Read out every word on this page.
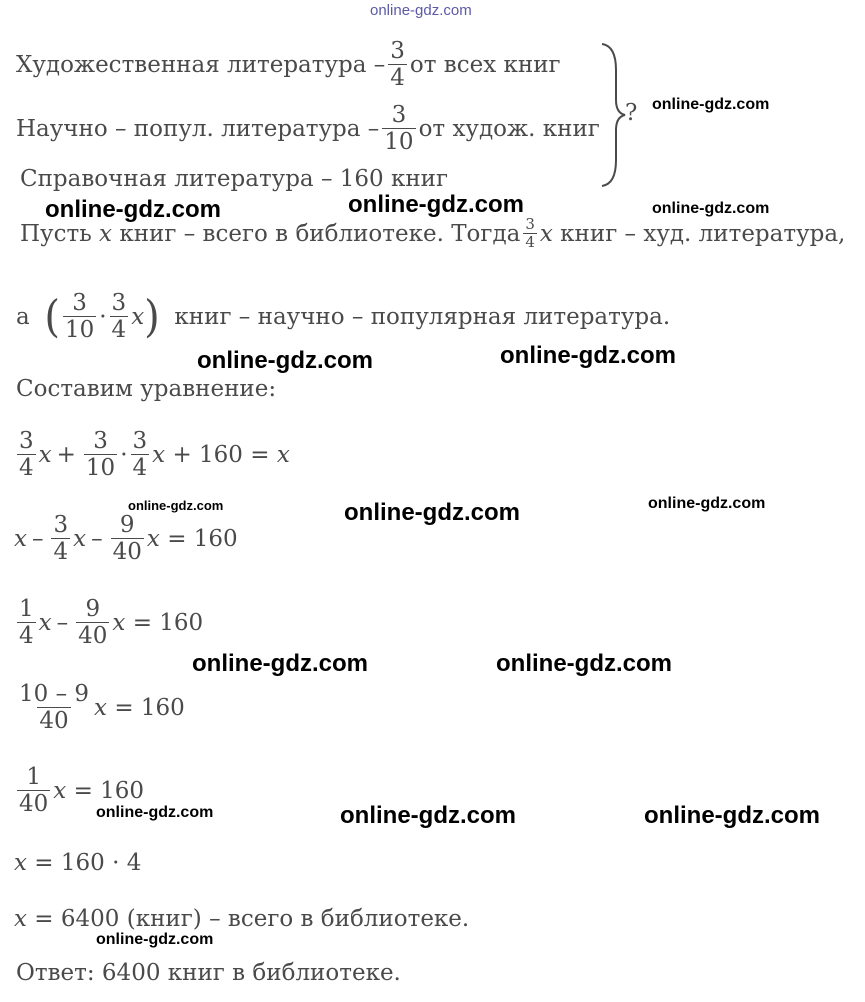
online-gdz.com
Художественная литература – $\frac{3}{4}$ от всех книг
Научно – попул. литература – $\frac{3}{10}$ от худож. книг
Справочная литература – 160 книг
?
Пусть
x
книг – всего в библиотеке. Тогда $\frac{3}{4}$ x
книг – худ. литература,
а
( $\frac{3}{10} \cdot \frac{3}{4}$ x )
книг – научно – популярная литература.
Составим уравнение:
$\frac{3}{4}$ $x + \frac{3}{10} \cdot \frac{3}{4}$ x
+ 160 =
x
x – $\frac{3}{4}$ x – $\frac{9}{40}$ x
= 160
$\frac{1}{4}$ x – $\frac{9}{40}$ x
= 160
$\frac{10 - 9}{40}$ x
= 160
$\frac{1}{40}$ x
= 160
x
= 160 · 4
x
= 6400 (книг) – всего в библиотеке.
Ответ: 6400 книг в библиотеке.
online-gdz.com
online-gdz.com	online-gdz.com	online-gdz.com
online-gdz.com	online-gdz.com
online-gdz.com	online-gdz.com	online-gdz.com
online-gdz.com	online-gdz.com
online-gdz.com	online-gdz.com	online-gdz.com
online-gdz.com
